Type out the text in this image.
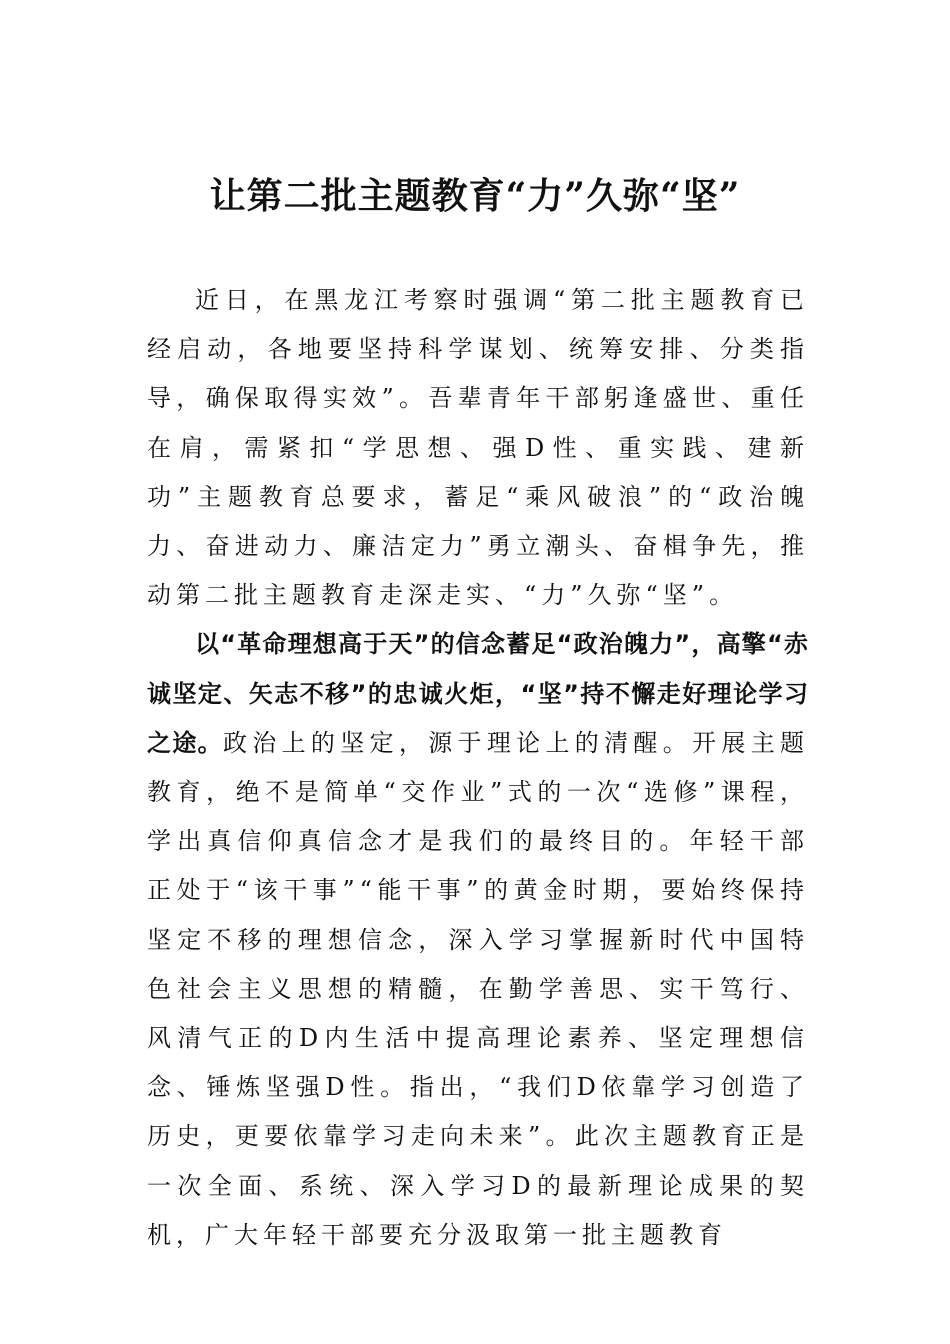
让第二批主题教育“力”久弥“坚”

近日，在黑龙江考察时强调“第二批主题教育已经启动，各地要坚持科学谋划、统筹安排、分类指导，确保取得实效”。吾辈青年干部躬逢盛世、重任在肩，需紧扣“学思想、强D性、重实践、建新功”主题教育总要求，蓄足“乘风破浪”的“政治魄力、奋进动力、廉洁定力”勇立潮头、奋楫争先，推动第二批主题教育走深走实、“力”久弥“坚”。

以“革命理想高于天”的信念蓄足“政治魄力”，高擎“赤诚坚定、矢志不移”的忠诚火炬，“坚”持不懈走好理论学习之途。政治上的坚定，源于理论上的清醒。开展主题教育，绝不是简单“交作业”式的一次“选修”课程，学出真信仰真信念才是我们的最终目的。年轻干部正处于“该干事”“能干事”的黄金时期，要始终保持坚定不移的理想信念，深入学习掌握新时代中国特色社会主义思想的精髓，在勤学善思、实干笃行、风清气正的D内生活中提高理论素养、坚定理想信念、锤炼坚强D性。指出，“我们D依靠学习创造了历史，更要依靠学习走向未来”。此次主题教育正是一次全面、系统、深入学习D的最新理论成果的契机，广大年轻干部要充分汲取第一批主题教育
